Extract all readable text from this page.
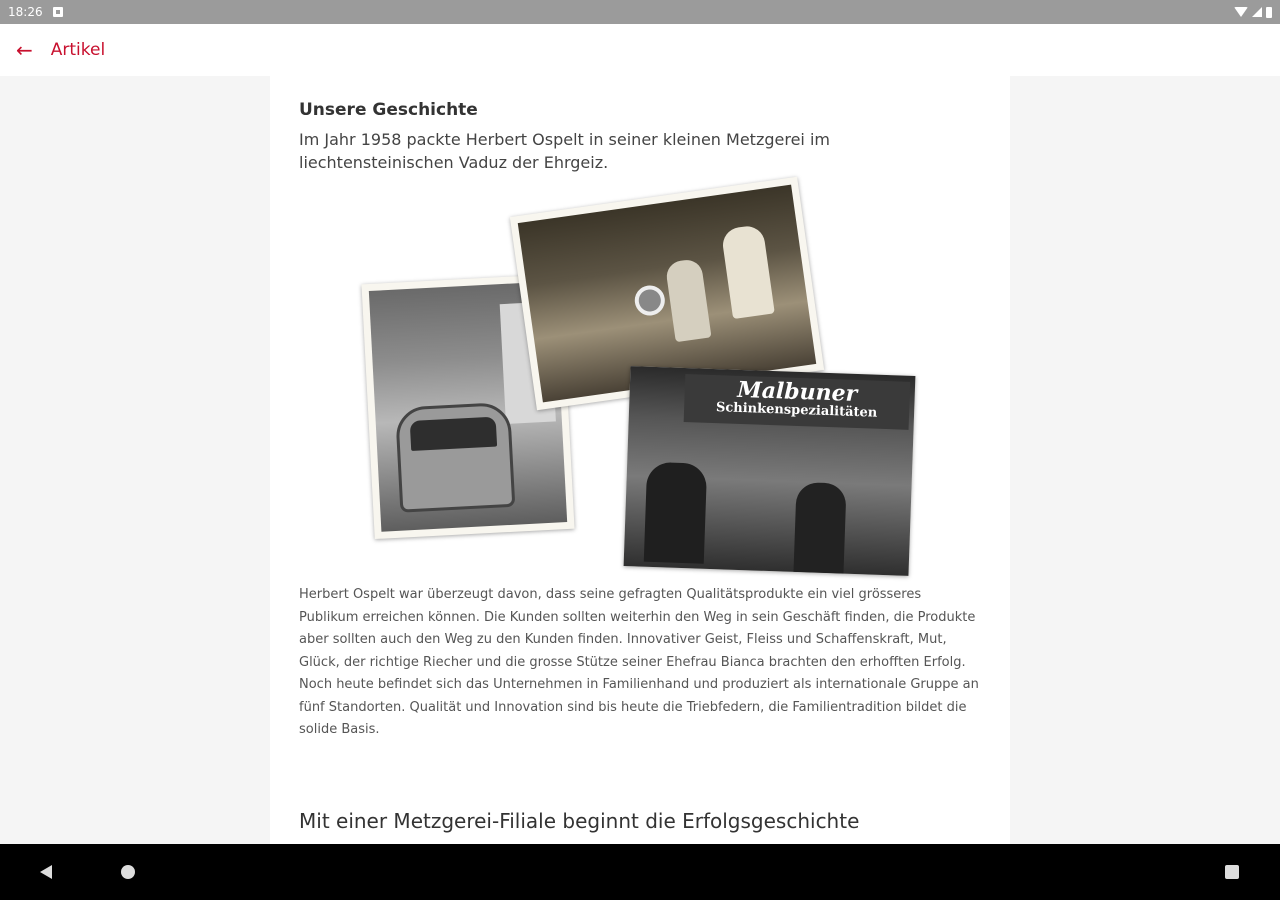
18:26
← Artikel
Unsere Geschichte
Im Jahr 1958 packte Herbert Ospelt in seiner kleinen Metzgerei im liechtensteinischen Vaduz der Ehrgeiz.
Malbuner
Schinkenspezialitäten
Herbert Ospelt war überzeugt davon, dass seine gefragten Qualitätsprodukte ein viel grösseres Publikum erreichen können. Die Kunden sollten weiterhin den Weg in sein Geschäft finden, die Produkte aber sollten auch den Weg zu den Kunden finden. Innovativer Geist, Fleiss und Schaffenskraft, Mut, Glück, der richtige Riecher und die grosse Stütze seiner Ehefrau Bianca brachten den erhofften Erfolg. Noch heute befindet sich das Unternehmen in Familienhand und produziert als internationale Gruppe an fünf Standorten. Qualität und Innovation sind bis heute die Triebfedern, die Familientradition bildet die solide Basis.
Mit einer Metzgerei-Filiale beginnt die Erfolgsgeschichte
